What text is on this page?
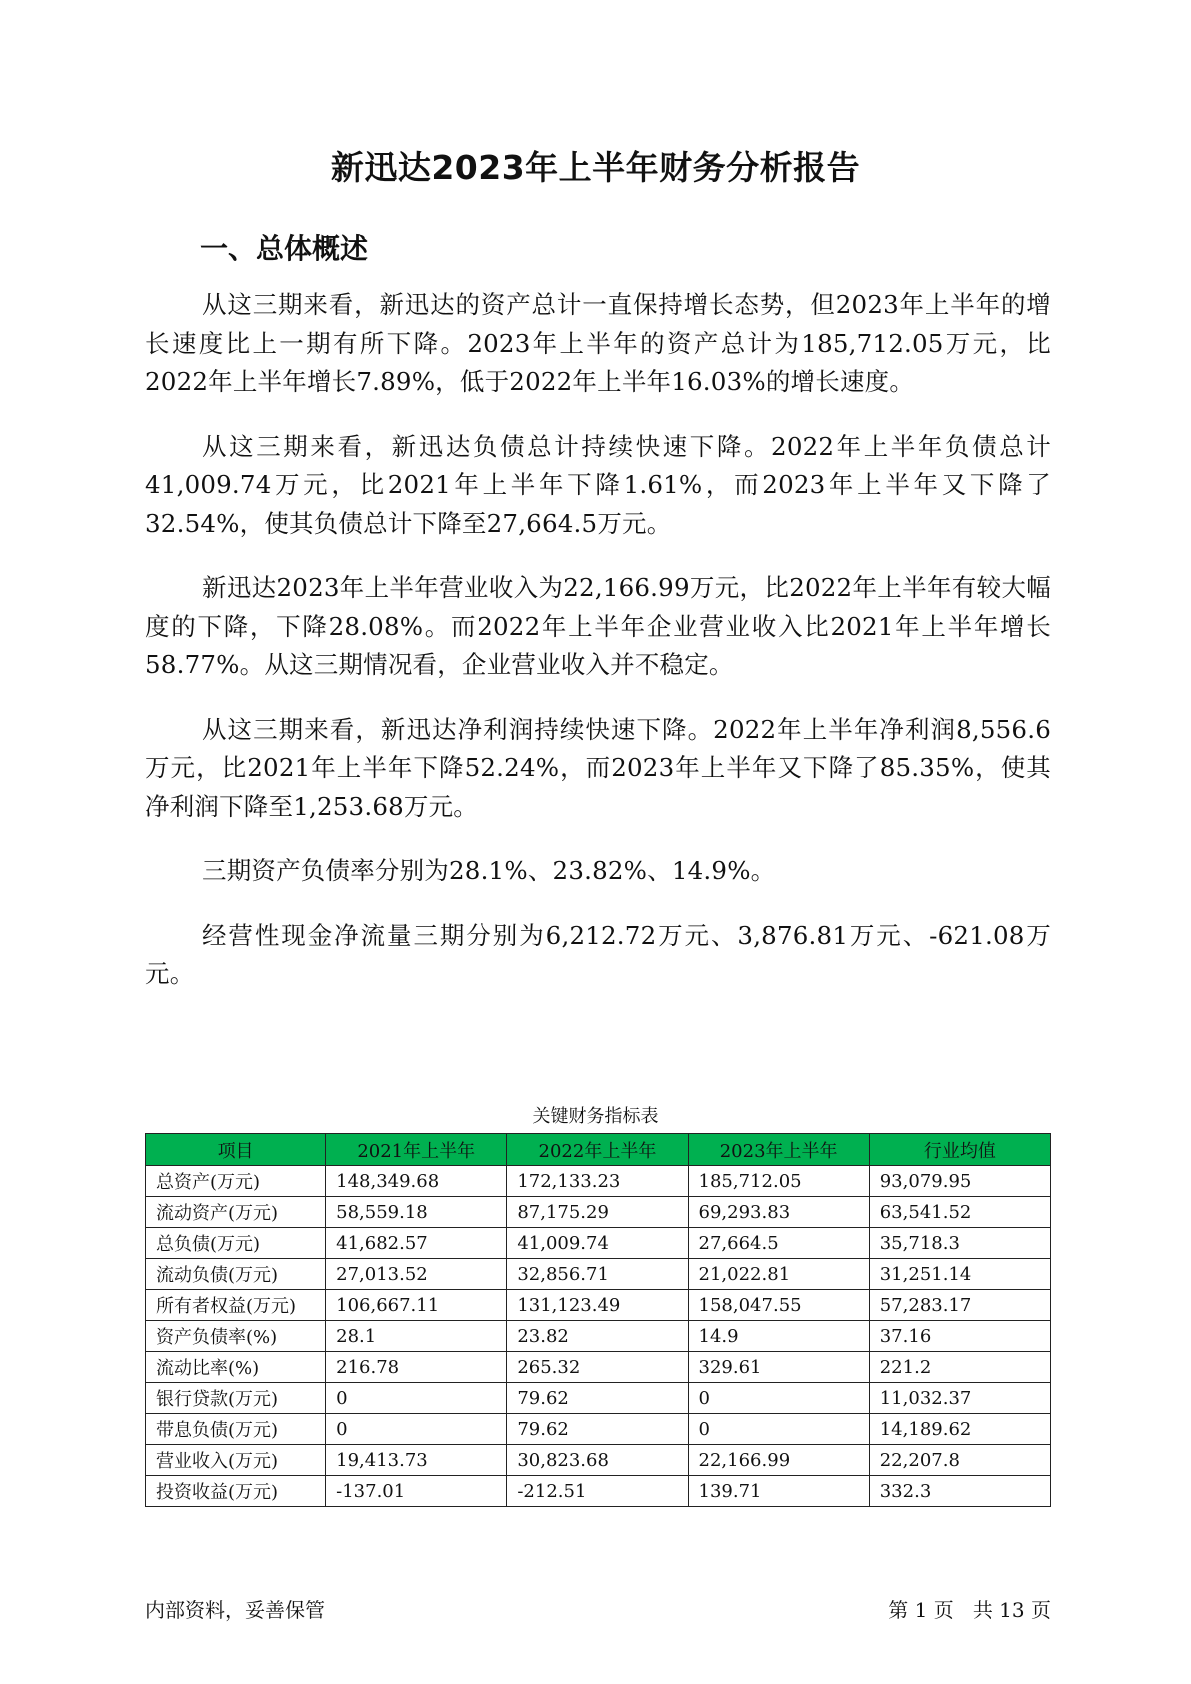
新迅达2023年上半年财务分析报告
一、总体概述

从这三期来看，新迅达的资产总计一直保持增长态势，但2023年上半年的增长速度比上一期有所下降。2023年上半年的资产总计为185,712.05万元，比2022年上半年增长7.89%，低于2022年上半年16.03%的增长速度。

从这三期来看，新迅达负债总计持续快速下降。2022年上半年负债总计41,009.74万元，比2021年上半年下降1.61%，而2023年上半年又下降了32.54%，使其负债总计下降至27,664.5万元。

新迅达2023年上半年营业收入为22,166.99万元，比2022年上半年有较大幅度的下降，下降28.08%。而2022年上半年企业营业收入比2021年上半年增长58.77%。从这三期情况看，企业营业收入并不稳定。

从这三期来看，新迅达净利润持续快速下降。2022年上半年净利润8,556.6万元，比2021年上半年下降52.24%，而2023年上半年又下降了85.35%，使其净利润下降至1,253.68万元。

三期资产负债率分别为28.1%、23.82%、14.9%。

经营性现金净流量三期分别为6,212.72万元、3,876.81万元、-621.08万元。

关键财务指标表
项目	2021年上半年	2022年上半年	2023年上半年	行业均值
总资产(万元)	148,349.68	172,133.23	185,712.05	93,079.95
流动资产(万元)	58,559.18	87,175.29	69,293.83	63,541.52
总负债(万元)	41,682.57	41,009.74	27,664.5	35,718.3
流动负债(万元)	27,013.52	32,856.71	21,022.81	31,251.14
所有者权益(万元)	106,667.11	131,123.49	158,047.55	57,283.17
资产负债率(%)	28.1	23.82	14.9	37.16
流动比率(%)	216.78	265.32	329.61	221.2
银行贷款(万元)	0	79.62	0	11,032.37
带息负债(万元)	0	79.62	0	14,189.62
营业收入(万元)	19,413.73	30,823.68	22,166.99	22,207.8
投资收益(万元)	-137.01	-212.51	139.71	332.3
内部资料，妥善保管	第 1 页 共 13 页
